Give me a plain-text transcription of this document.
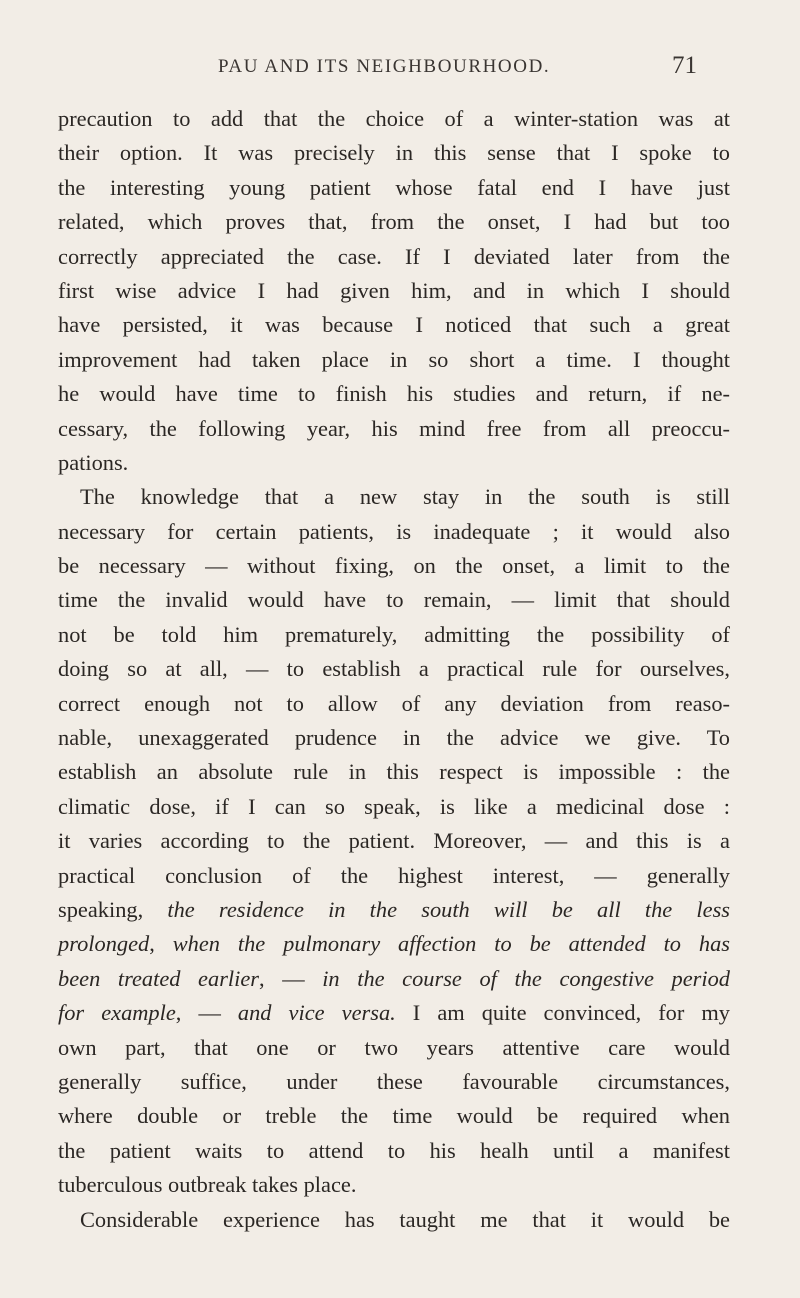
PAU AND ITS NEIGHBOURHOOD.	71
precaution to add that the choice of a winter-station was at
their option. It was precisely in this sense that I spoke to
the interesting young patient whose fatal end I have just
related, which proves that, from the onset, I had but too
correctly appreciated the case. If I deviated later from the
first wise advice I had given him, and in which I should
have persisted, it was because I noticed that such a great
improvement had taken place in so short a time. I thought
he would have time to finish his studies and return, if ne-
cessary, the following year, his mind free from all preoccu-
pations.
The knowledge that a new stay in the south is still
necessary for certain patients, is inadequate ; it would also
be necessary — without fixing, on the onset, a limit to the
time the invalid would have to remain, — limit that should
not be told him prematurely, admitting the possibility of
doing so at all, — to establish a practical rule for ourselves,
correct enough not to allow of any deviation from reaso-
nable, unexaggerated prudence in the advice we give. To
establish an absolute rule in this respect is impossible : the
climatic dose, if I can so speak, is like a medicinal dose :
it varies according to the patient. Moreover, — and this is a
practical conclusion of the highest interest, — generally
speaking, the residence in the south will be all the less
prolonged, when the pulmonary affection to be attended to has
been treated earlier, — in the course of the congestive period
for example, — and vice versa. I am quite convinced, for my
own part, that one or two years attentive care would
generally suffice, under these favourable circumstances,
where double or treble the time would be required when
the patient waits to attend to his healh until a manifest
tuberculous outbreak takes place.
Considerable experience has taught me that it would be
